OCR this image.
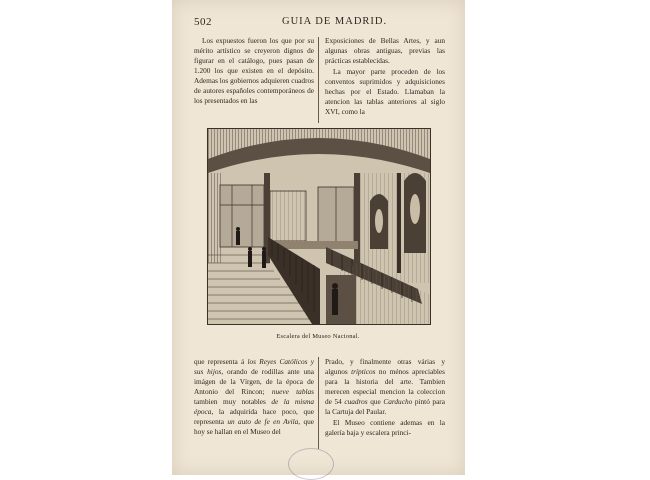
502	GUIA DE MADRID.

Los expuestos fueron los que por su mérito artístico se creyeron dignos de figurar en el catálogo, pues pasan de 1.200 los que existen en el depósito. Ademas los gobiernos adquieren cuadros de autores españoles contemporáneos de los presentados en las

Exposiciones de Bellas Artes, y aun algunas obras antiguas, previas las prácticas establecidas.

La mayor parte proceden de los conventos suprimidos y adquisiciones hechas por el Estado. Llamaban la atencion las tablas anteriores al siglo XVI, como la

Escalera del Museo Nacional.

que representa á los Reyes Católicos y sus hijos, orando de rodillas ante una imágen de la Vírgen, de la época de Antonio del Rincon; nueve tablas tambien muy notables de la misma época, la adquirida hace poco, que representa un auto de fe en Avila, que hoy se hallan en el Museo del

Prado, y finalmente otras várias y algunos trípticos no ménos apreciables para la historia del arte. Tambien merecen especial mencion la coleccion de 54 cuadros que Carducho pintó para la Cartuja del Paular.

El Museo contiene ademas en la galería baja y escalera princi-
